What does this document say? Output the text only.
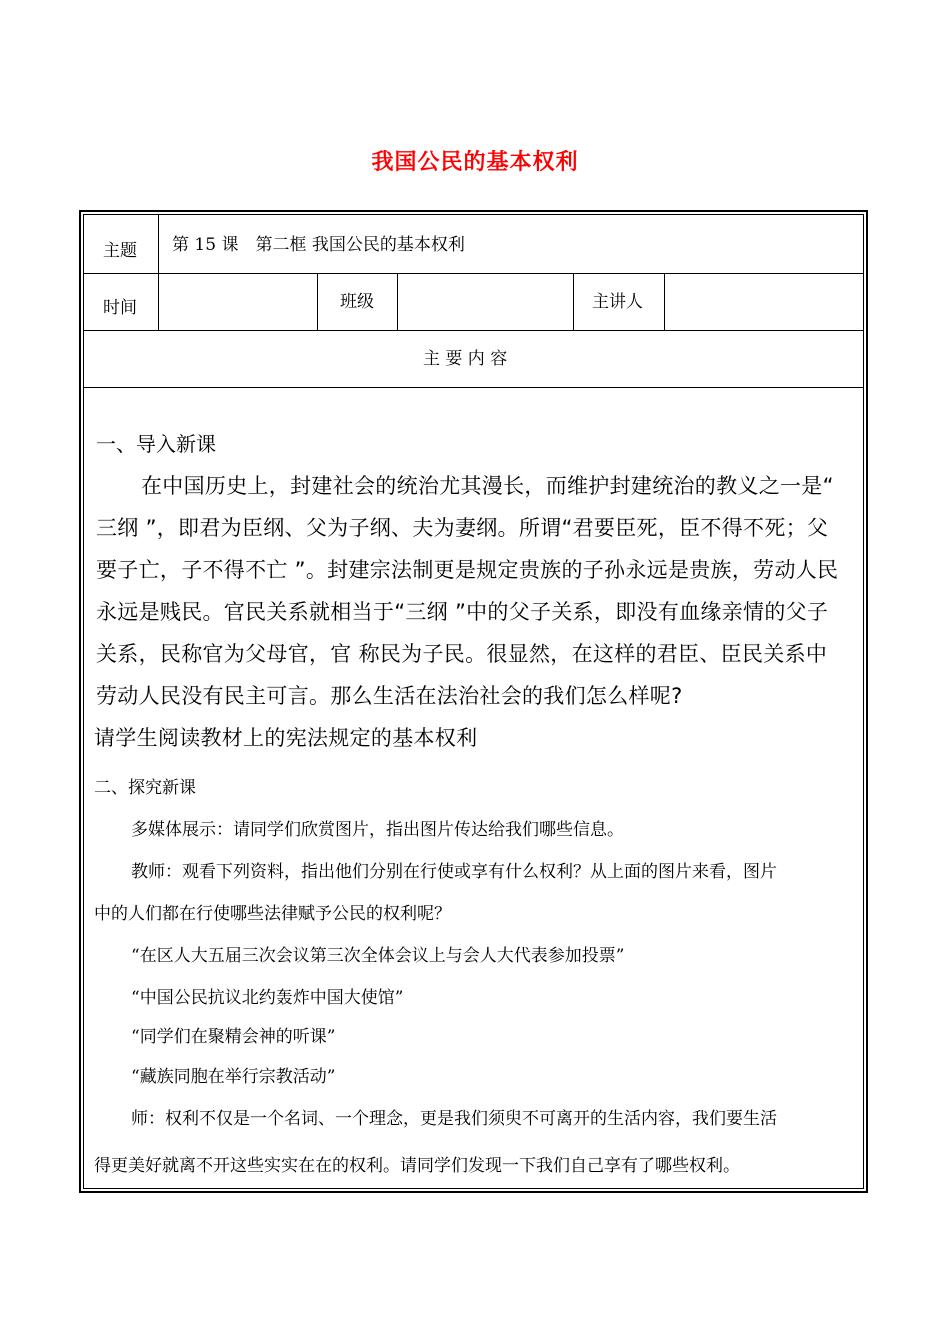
我国公民的基本权利
主题 第 15 课　第二框 我国公民的基本权利
时间	班级	主讲人
主 要 内 容
一、导入新课
在中国历史上，封建社会的统治尤其漫长，而维护封建统治的教义之一是“
三纲 ”，即君为臣纲、父为子纲、夫为妻纲。所谓“君要臣死，臣不得不死；父
要子亡，子不得不亡 ”。封建宗法制更是规定贵族的子孙永远是贵族，劳动人民
永远是贱民。官民关系就相当于“三纲 ”中的父子关系，即没有血缘亲情的父子
关系，民称官为父母官，官 称民为子民。很显然，在这样的君臣、臣民关系中
劳动人民没有民主可言。那么生活在法治社会的我们怎么样呢?
请学生阅读教材上的宪法规定的基本权利
二、探究新课
多媒体展示：请同学们欣赏图片，指出图片传达给我们哪些信息。
教师：观看下列资料，指出他们分别在行使或享有什么权利？从上面的图片来看，图片
中的人们都在行使哪些法律赋予公民的权利呢？
“在区人大五届三次会议第三次全体会议上与会人大代表参加投票”
“中国公民抗议北约轰炸中国大使馆”
“同学们在聚精会神的听课”
“藏族同胞在举行宗教活动”
师：权利不仅是一个名词、一个理念，更是我们须臾不可离开的生活内容，我们要生活
得更美好就离不开这些实实在在的权利。请同学们发现一下我们自己享有了哪些权利。
